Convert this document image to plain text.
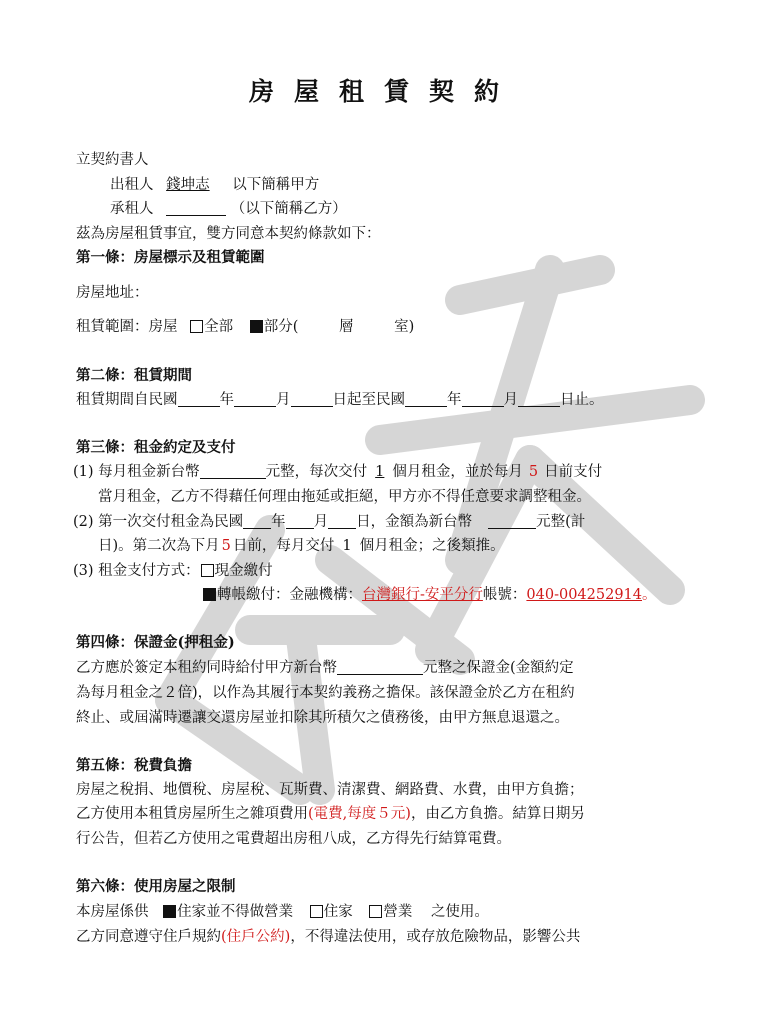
房屋租賃契約
立契約書人
出租人 錢坤志 以下簡稱甲方
承租人	（以下簡稱乙方）
茲為房屋租賃事宜，雙方同意本契約條款如下：
第一條：房屋標示及租賃範圍
房屋地址：
租賃範圍：房屋 全部 部分(	層	室)
第二條：租賃期間
租賃期間自民國	年	月	日起至民國	年	月	日止。
第三條：租金約定及支付
(1) 每月租金新台幣	元整，每次交付 1 個月租金，並於每月 5 日前支付
當月租金，乙方不得藉任何理由拖延或拒絕，甲方亦不得任意要求調整租金。
(2) 第一次交付租金為民國 年 月 日，金額為新台幣	元整(計
日)。第二次為下月 5 日前，每月交付 1 個月租金；之後類推。
(3) 租金支付方式： 現金繳付
轉帳繳付：金融機構：台灣銀行-安平分行帳號：040-004252914。
第四條：保證金(押租金)
乙方應於簽定本租約同時給付甲方新台幣	元整之保證金(金額約定
為每月租金之２倍)，以作為其履行本契約義務之擔保。該保證金於乙方在租約
終止、或屆滿時遷讓交還房屋並扣除其所積欠之債務後，由甲方無息退還之。
第五條：稅費負擔
房屋之稅捐、地價稅、房屋稅、瓦斯費、清潔費、網路費、水費，由甲方負擔；
乙方使用本租賃房屋所生之雜項費用(電費,每度５元)，由乙方負擔。結算日期另
行公告，但若乙方使用之電費超出房租八成，乙方得先行結算電費。
第六條：使用房屋之限制
本房屋係供 住家並不得做營業 住家 營業 之使用。
乙方同意遵守住戶規約(住戶公約)，不得違法使用，或存放危險物品，影響公共
